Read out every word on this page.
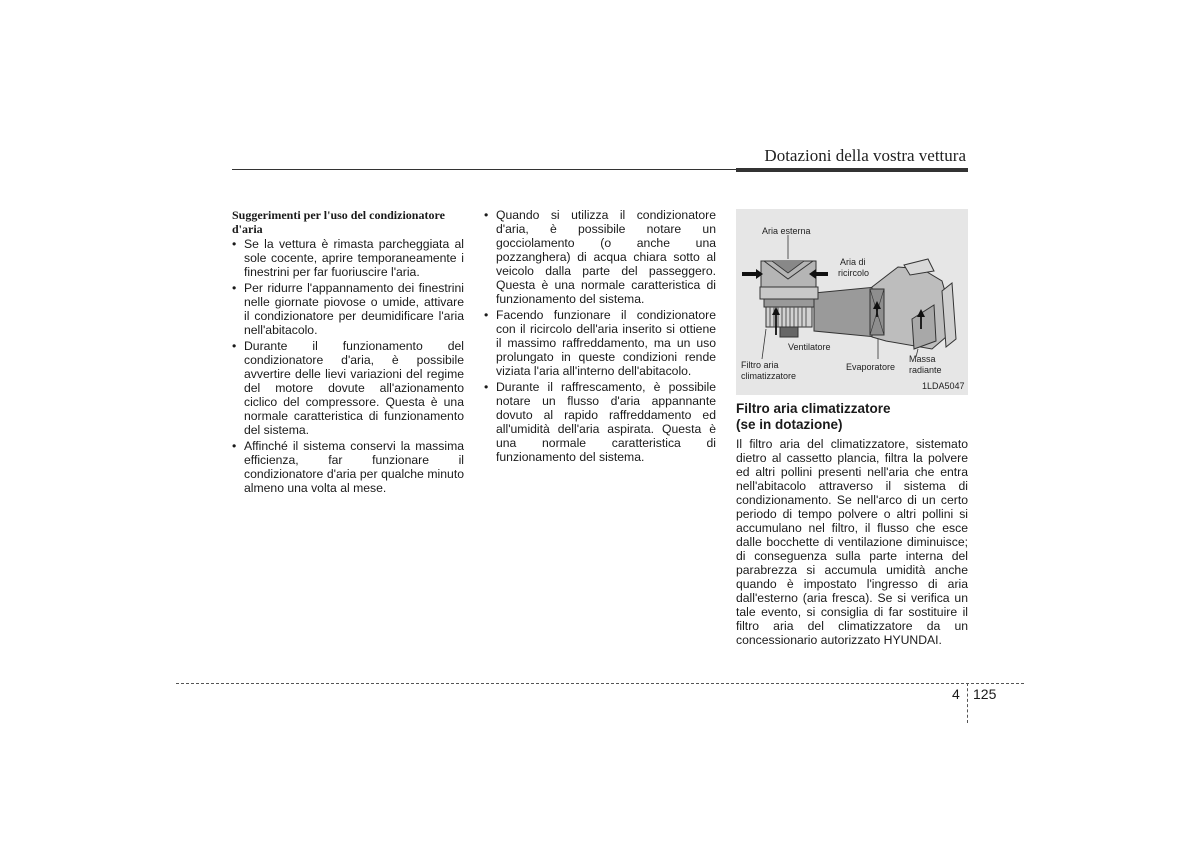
Dotazioni della vostra vettura
Suggerimenti per l'uso del condizionatore d'aria
• Se la vettura è rimasta parcheggiata al sole cocente, aprire temporaneamente i finestrini per far fuoriuscire l'aria.
• Per ridurre l'appannamento dei finestrini nelle giornate piovose o umide, attivare il condizionatore per deumidificare l'aria nell'abitacolo.
• Durante il funzionamento del condizionatore d'aria, è possibile avvertire delle lievi variazioni del regime del motore dovute all'azionamento ciclico del compressore. Questa è una normale caratteristica di funzionamento del sistema.
• Affinché il sistema conservi la massima efficienza, far funzionare il condizionatore d'aria per qualche minuto almeno una volta al mese.
• Quando si utilizza il condizionatore d'aria, è possibile notare un gocciolamento (o anche una pozzanghera) di acqua chiara sotto al veicolo dalla parte del passeggero. Questa è una normale caratteristica di funzionamento del sistema.
• Facendo funzionare il condizionatore con il ricircolo dell'aria inserito si ottiene il massimo raffreddamento, ma un uso prolungato in queste condizioni rende viziata l'aria all'interno dell'abitacolo.
• Durante il raffrescamento, è possibile notare un flusso d'aria appannante dovuto al rapido raffreddamento ed all'umidità dell'aria aspirata. Questa è una normale caratteristica di funzionamento del sistema.
Aria esterna
Aria di
ricircolo
Ventilatore
Filtro aria
climatizzatore
Evaporatore
Massa
radiante
1LDA5047
Filtro aria climatizzatore
(se in dotazione)
Il filtro aria del climatizzatore, sistemato dietro al cassetto plancia, filtra la polvere ed altri pollini presenti nell'aria che entra nell'abitacolo attraverso il sistema di condizionamento. Se nell'arco di un certo periodo di tempo polvere o altri pollini si accumulano nel filtro, il flusso che esce dalle bocchette di ventilazione diminuisce; di conseguenza sulla parte interna del parabrezza si accumula umidità anche quando è impostato l'ingresso di aria dall'esterno (aria fresca). Se si verifica un tale evento, si consiglia di far sostituire il filtro aria del climatizzatore da un concessionario autorizzato HYUNDAI.
4 125
